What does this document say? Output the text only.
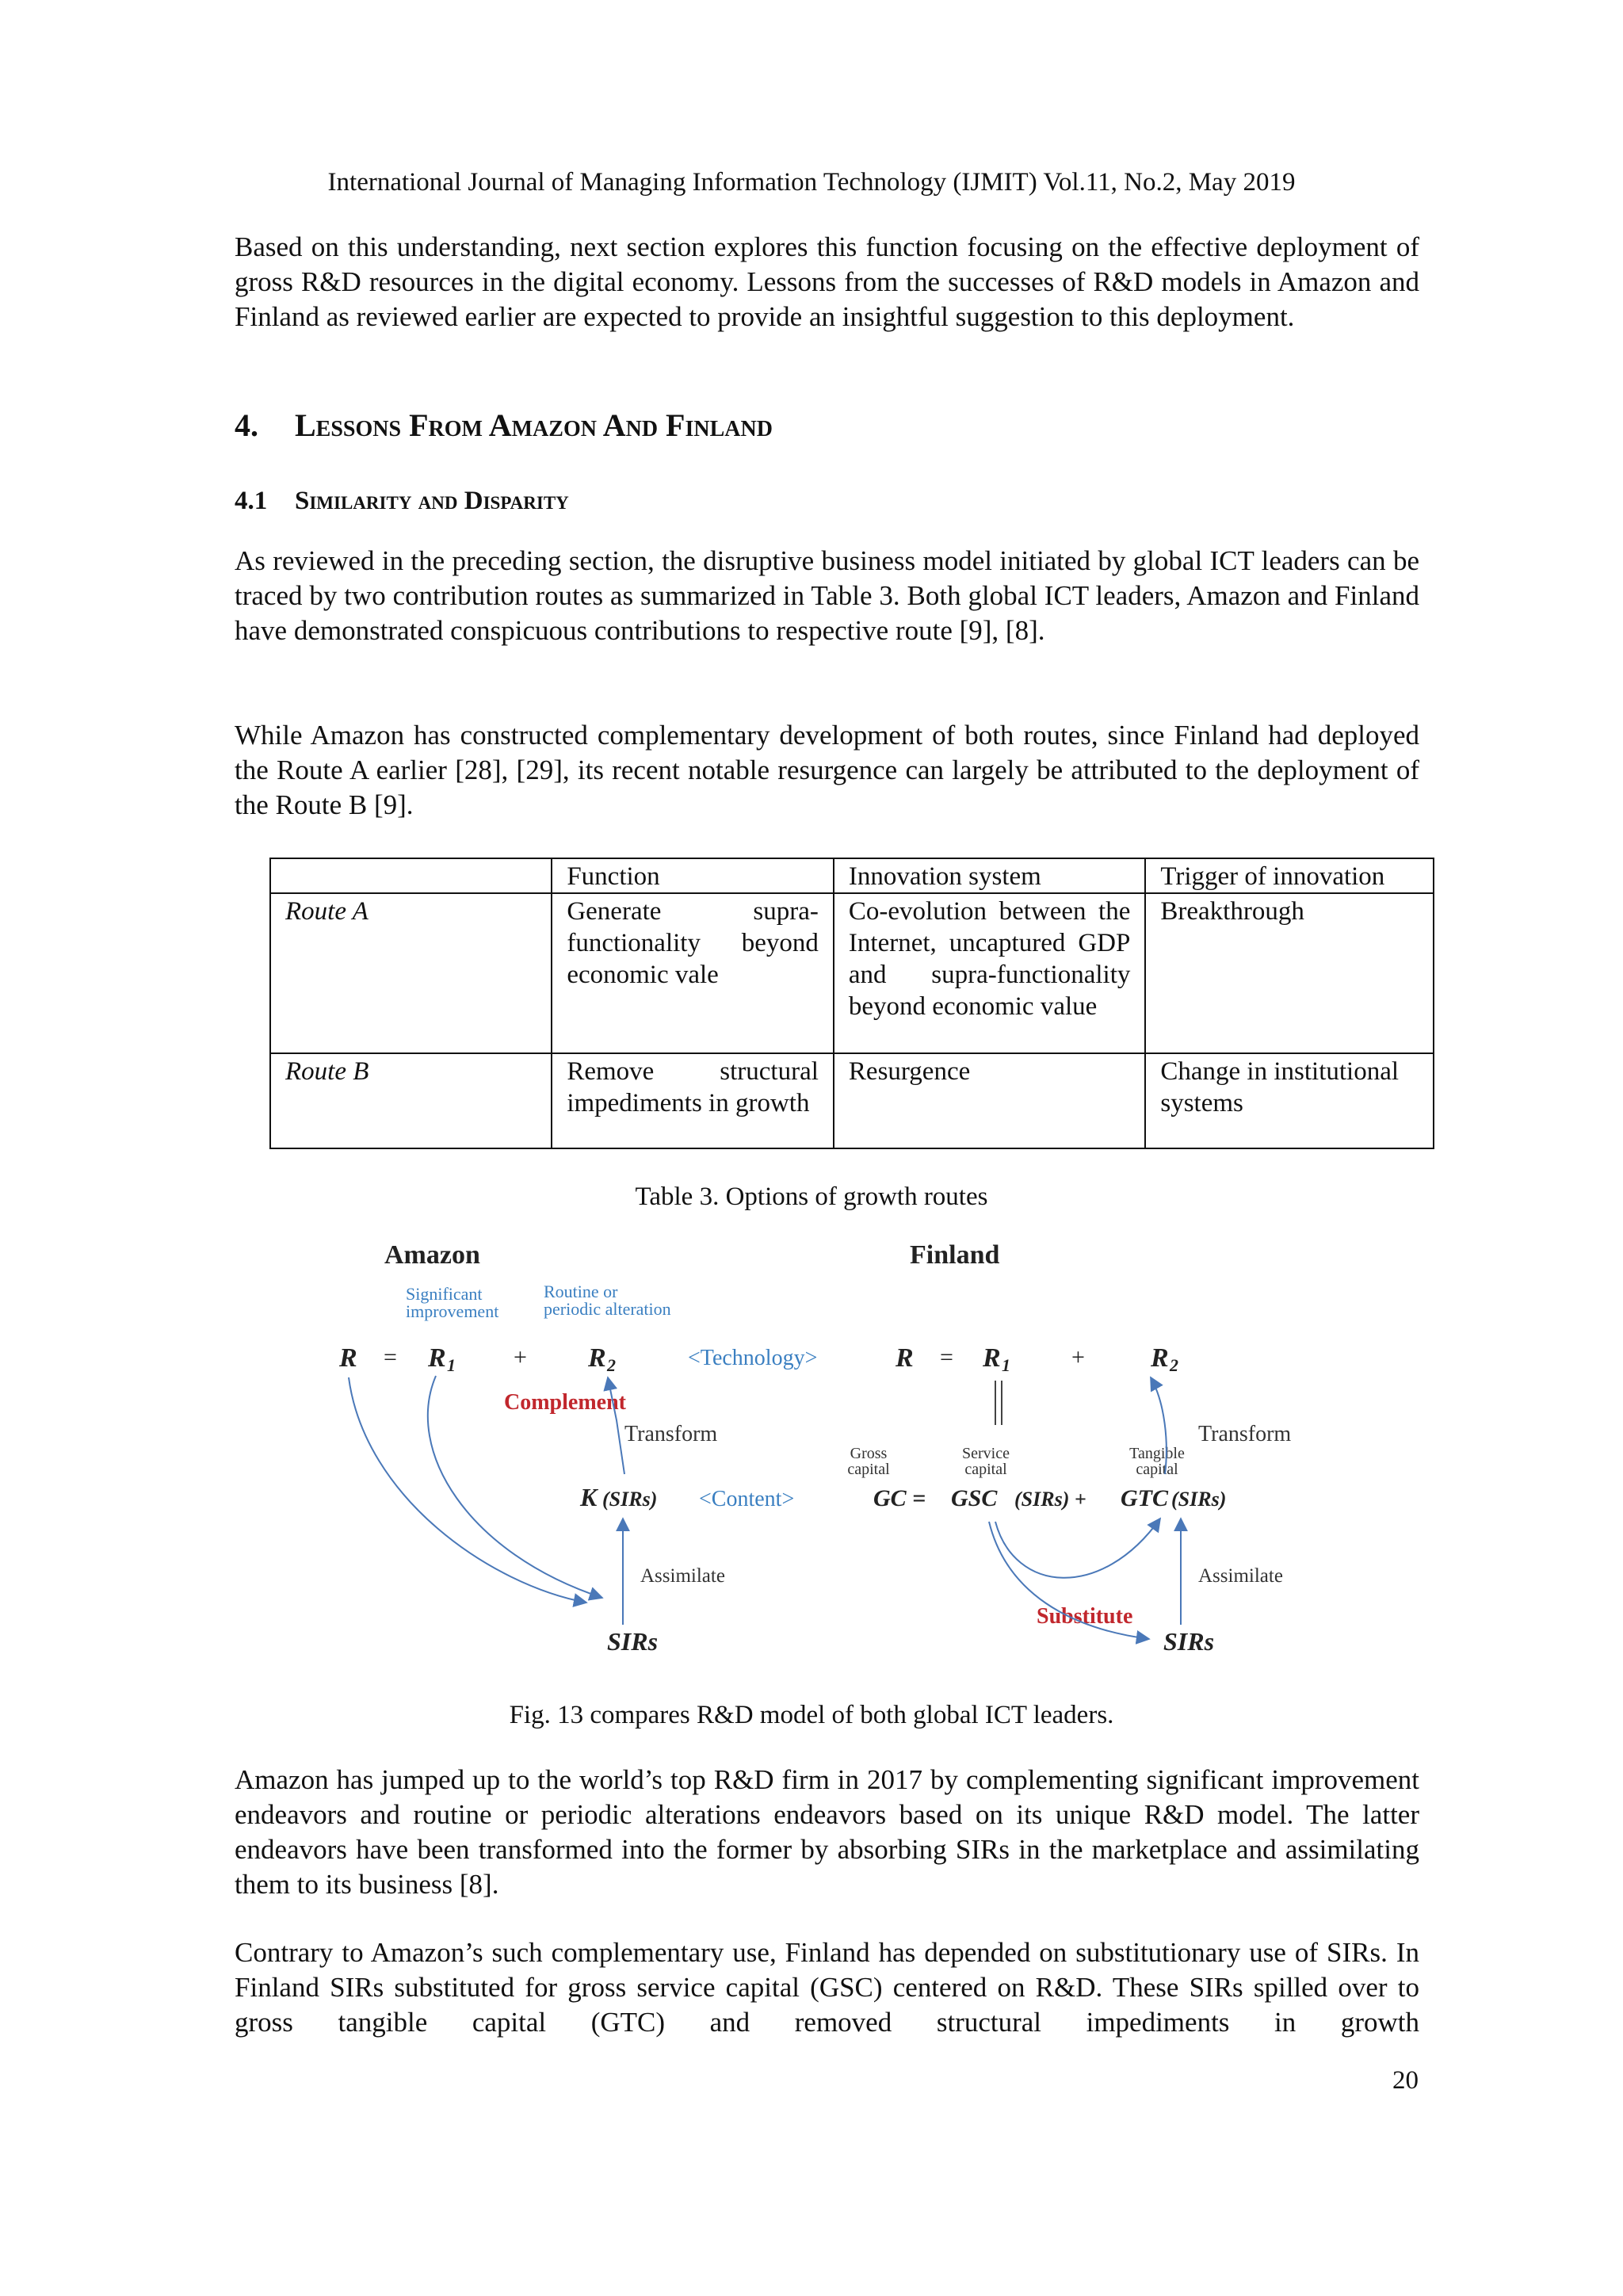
International Journal of Managing Information Technology (IJMIT) Vol.11, No.2, May 2019
Based on this understanding, next section explores this function focusing on the effective deployment of gross R&D resources in the digital economy. Lessons from the successes of R&D models in Amazon and Finland as reviewed earlier are expected to provide an insightful suggestion to this deployment.
4. Lessons From Amazon And Finland
4.1 Similarity and Disparity
As reviewed in the preceding section, the disruptive business model initiated by global ICT leaders can be traced by two contribution routes as summarized in Table 3. Both global ICT leaders, Amazon and Finland have demonstrated conspicuous contributions to respective route [9], [8].
While Amazon has constructed complementary development of both routes, since Finland had deployed the Route A earlier [28], [29], its recent notable resurgence can largely be attributed to the deployment of the Route B [9].
	Function	Innovation system	Trigger of innovation
Route A	Generate supra-functionality beyond economic vale	Co-evolution between the Internet, uncaptured GDP and supra-functionality beyond economic value	Breakthrough
Route B	Remove structural impediments in growth	Resurgence	Change in institutional systems
Table 3. Options of growth routes
Amazon
Significant
improvement
Routine or
periodic alteration
R = R 1 + R 2	<Technology>
Complement
Transform
K (SIRs) <Content>
Assimilate
SIRs
Finland
R = R 1	+ R 2
Transform
Gross
capital
Service
capital
Tangible
capital
GC = GSC (SIRs) + GTC (SIRs)
Assimilate
Substitute
SIRs
Fig. 13 compares R&D model of both global ICT leaders.
Amazon has jumped up to the world’s top R&D firm in 2017 by complementing significant improvement endeavors and routine or periodic alterations endeavors based on its unique R&D model. The latter endeavors have been transformed into the former by absorbing SIRs in the marketplace and assimilating them to its business [8].
Contrary to Amazon’s such complementary use, Finland has depended on substitutionary use of SIRs. In Finland SIRs substituted for gross service capital (GSC) centered on R&D. These SIRs spilled over to gross tangible capital (GTC) and removed structural impediments in growth
20
